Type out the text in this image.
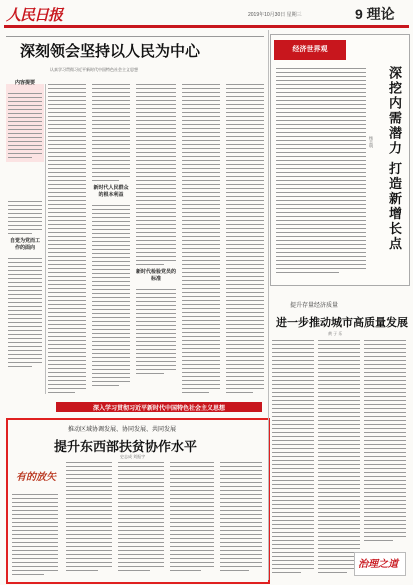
人民日报	2019年10月30日 星期三	9 理论
深刻领会坚持以人民为中心
认真学习贯彻习近平新时代中国特色社会主义思想
内容提要
自觉为党而工作的面向
新时代人民群众的根本利益
新时代检验党员的标准
深入学习贯彻习近平新时代中国特色社会主义思想
推动区域协调发展、协同发展、共同发展
提升东西部扶贫协作水平
史志成 刘振宇
有的放矢
经济世界观
深挖内需潜力 打造新增长点
杨志明
提升存量经济质量
进一步推动城市高质量发展
黄 子 乐
治理之道
